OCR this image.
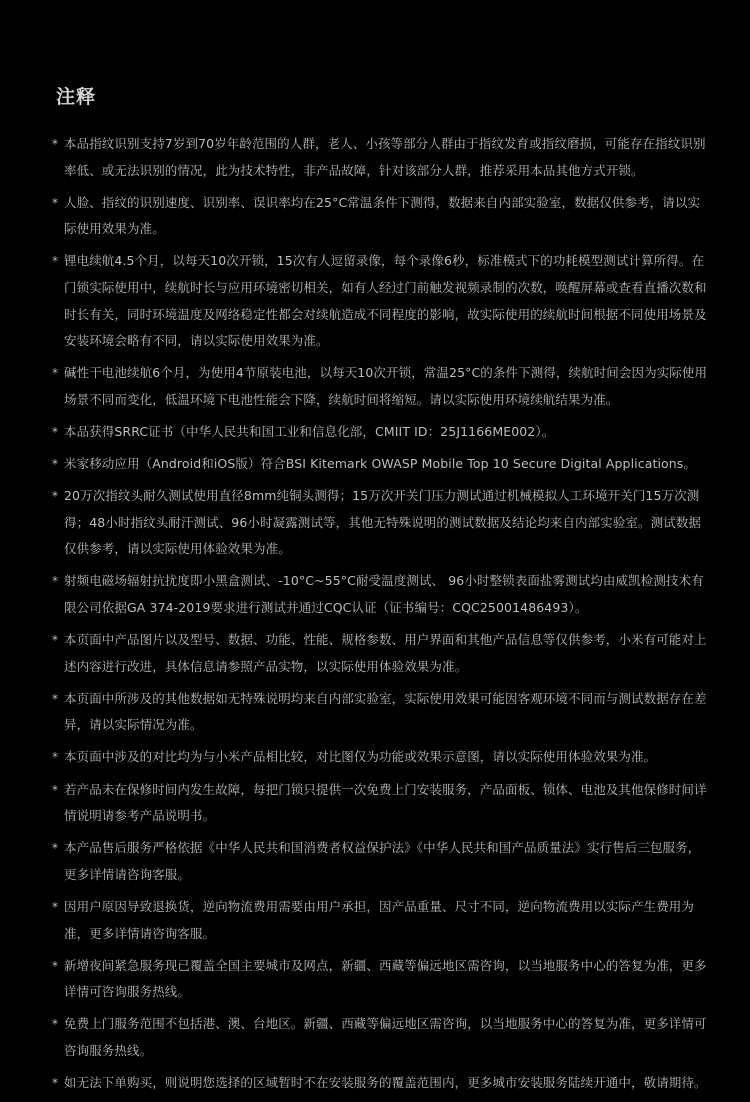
注释
* 本品指纹识别支持7岁到70岁年龄范围的人群，老人、小孩等部分人群由于指纹发育或指纹磨损，可能存在指纹识别率低、或无法识别的情况，此为技术特性，非产品故障，针对该部分人群，推荐采用本品其他方式开锁。
* 人脸、指纹的识别速度、识别率、误识率均在25°C常温条件下测得，数据来自内部实验室，数据仅供参考，请以实际使用效果为准。
* 锂电续航4.5个月，以每天10次开锁，15次有人逗留录像，每个录像6秒，标准模式下的功耗模型测试计算所得。在门锁实际使用中，续航时长与应用环境密切相关，如有人经过门前触发视频录制的次数，唤醒屏幕或查看直播次数和时长有关，同时环境温度及网络稳定性都会对续航造成不同程度的影响，故实际使用的续航时间根据不同使用场景及安装环境会略有不同，请以实际使用效果为准。
* 碱性干电池续航6个月，为使用4节原装电池，以每天10次开锁，常温25°C的条件下测得，续航时间会因为实际使用场景不同而变化，低温环境下电池性能会下降，续航时间将缩短。请以实际使用环境续航结果为准。
* 本品获得SRRC证书（中华人民共和国工业和信息化部，CMIIT ID：25J1166ME002）。
* 米家移动应用（Android和iOS版）符合BSI Kitemark OWASP Mobile Top 10 Secure Digital Applications。
* 20万次指纹头耐久测试使用直径8mm纯铜头测得；15万次开关门压力测试通过机械模拟人工环境开关门15万次测得；48小时指纹头耐汗测试、96小时凝露测试等，其他无特殊说明的测试数据及结论均来自内部实验室。测试数据仅供参考，请以实际使用体验效果为准。
* 射频电磁场辐射抗扰度即小黑盒测试、-10°C~55°C耐受温度测试、 96小时整锁表面盐雾测试均由威凯检测技术有限公司依据GA 374-2019要求进行测试并通过CQC认证（证书编号：CQC25001486493）。
* 本页面中产品图片以及型号、数据、功能、性能、规格参数、用户界面和其他产品信息等仅供参考，小米有可能对上述内容进行改进，具体信息请参照产品实物，以实际使用体验效果为准。
* 本页面中所涉及的其他数据如无特殊说明均来自内部实验室，实际使用效果可能因客观环境不同而与测试数据存在差异，请以实际情况为准。
* 本页面中涉及的对比均为与小米产品相比较，对比图仅为功能或效果示意图，请以实际使用体验效果为准。
* 若产品未在保修时间内发生故障，每把门锁只提供一次免费上门安装服务，产品面板、锁体、电池及其他保修时间详情说明请参考产品说明书。
* 本产品售后服务严格依据《中华人民共和国消费者权益保护法》《中华人民共和国产品质量法》实行售后三包服务，更多详情请咨询客服。
* 因用户原因导致退换货，逆向物流费用需要由用户承担，因产品重量、尺寸不同，逆向物流费用以实际产生费用为准，更多详情请咨询客服。
* 新增夜间紧急服务现已覆盖全国主要城市及网点，新疆、西藏等偏远地区需咨询，以当地服务中心的答复为准，更多详情可咨询服务热线。
* 免费上门服务范围不包括港、澳、台地区。新疆、西藏等偏远地区需咨询，以当地服务中心的答复为准，更多详情可咨询服务热线。
* 如无法下单购买，则说明您选择的区域暂时不在安装服务的覆盖范围内，更多城市安装服务陆续开通中，敬请期待。
